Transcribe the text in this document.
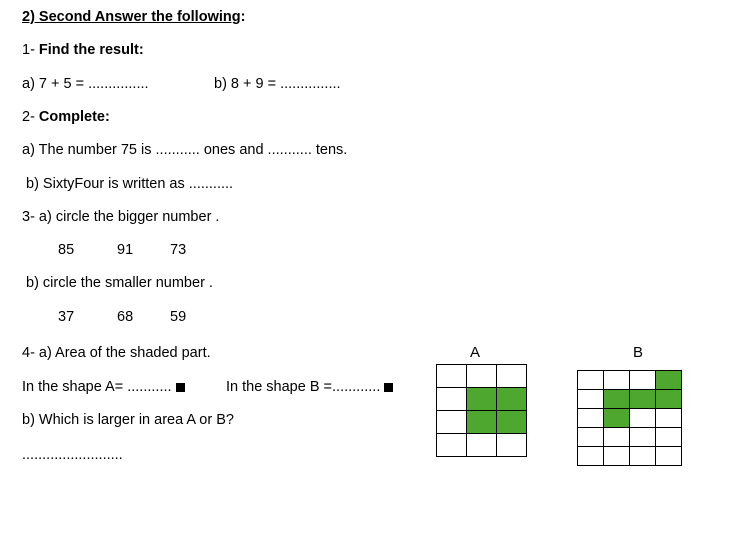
2) Second Answer the following:
1- Find the result:
a) 7 + 5 = ...............	b) 8 + 9 = ...............
2- Complete:
a) The number 75 is ........... ones and ........... tens.
b) SixtyFour is written as ...........
3- a) circle the bigger number .
85	91	73
b) circle the smaller number .
37	68	59
4- a) Area of the shaded part.
In the shape A= ...........	In the shape B =............
b) Which is larger in area A or B?
.........................
A

			B
